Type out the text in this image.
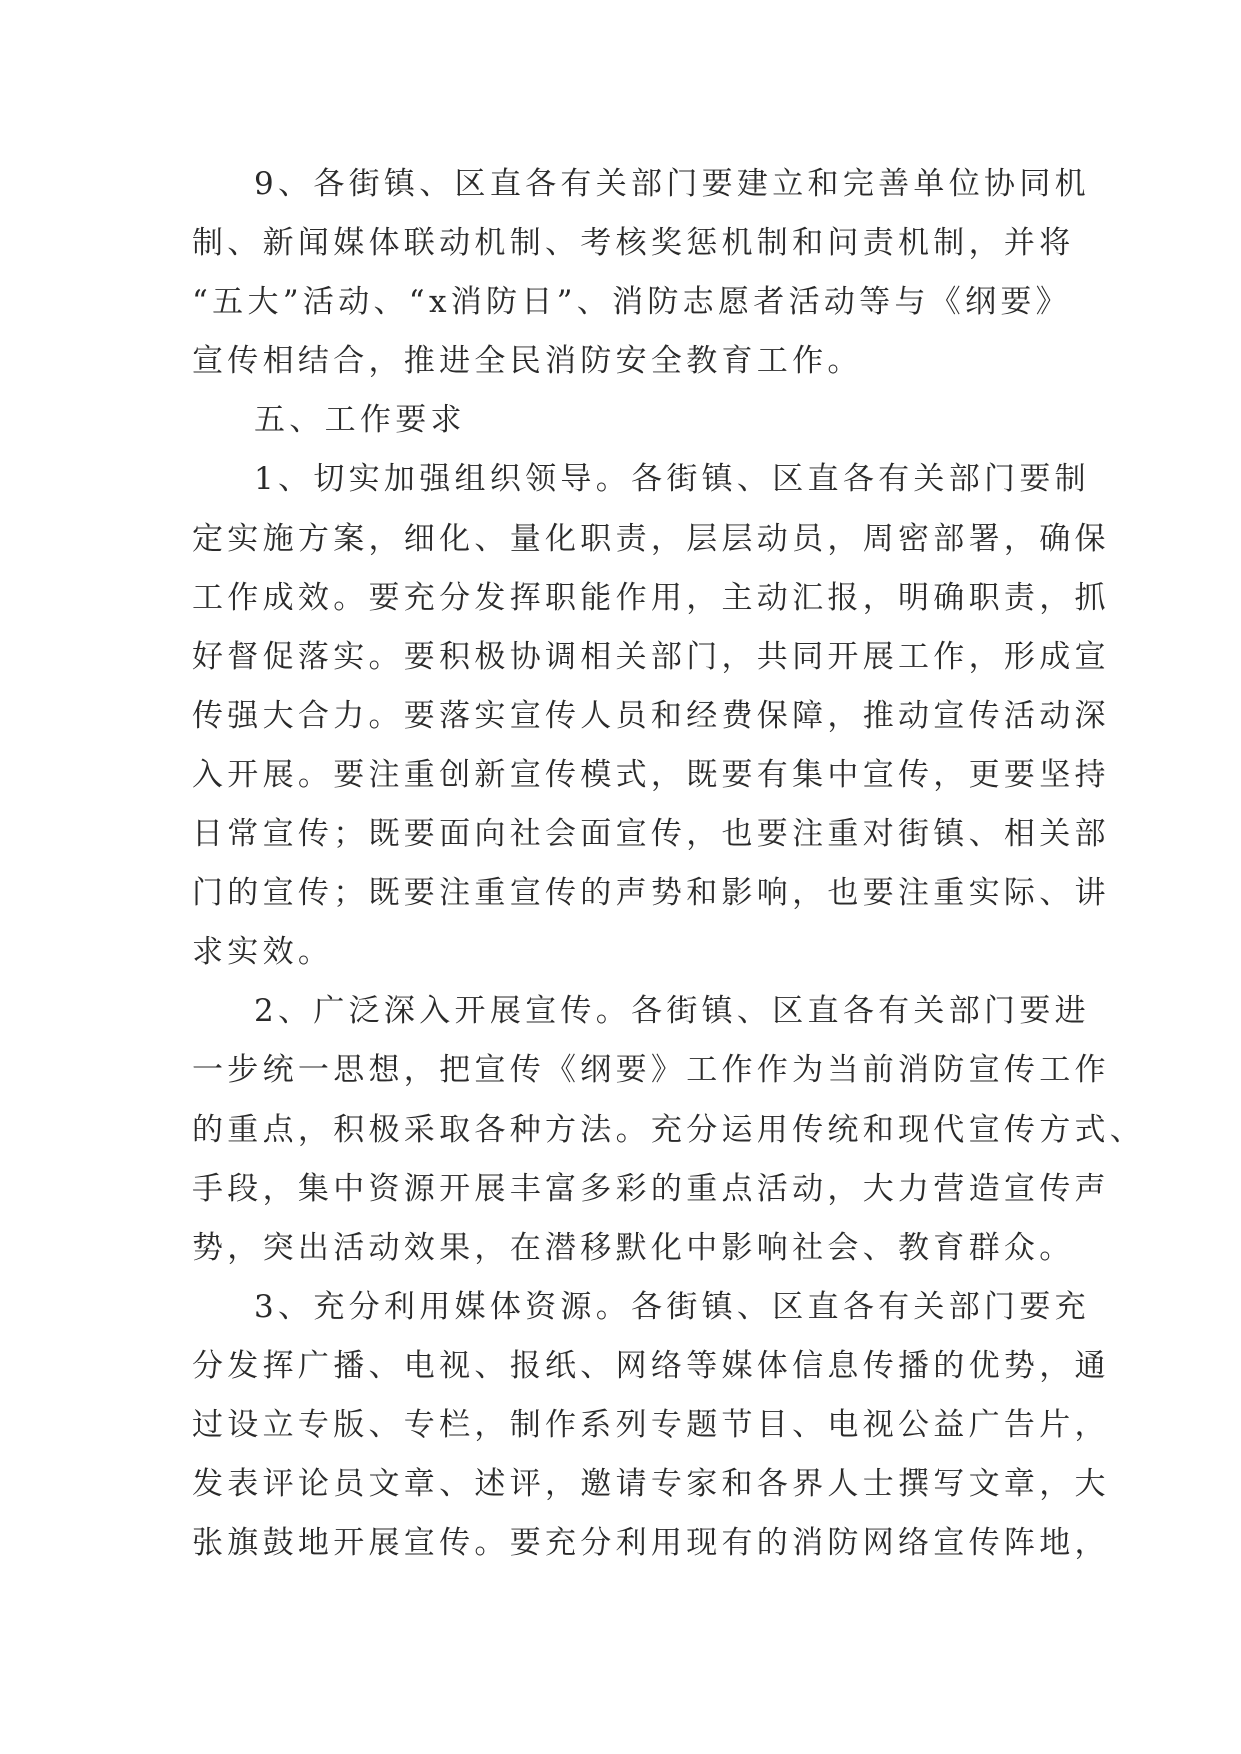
9、各街镇、区直各有关部门要建立和完善单位协同机
制、新闻媒体联动机制、考核奖惩机制和问责机制，并将
“五大”活动、“x消防日”、消防志愿者活动等与《纲要》
宣传相结合，推进全民消防安全教育工作。
五、工作要求
1、切实加强组织领导。各街镇、区直各有关部门要制
定实施方案，细化、量化职责，层层动员，周密部署，确保
工作成效。要充分发挥职能作用，主动汇报，明确职责，抓
好督促落实。要积极协调相关部门，共同开展工作，形成宣
传强大合力。要落实宣传人员和经费保障，推动宣传活动深
入开展。要注重创新宣传模式，既要有集中宣传，更要坚持
日常宣传；既要面向社会面宣传，也要注重对街镇、相关部
门的宣传；既要注重宣传的声势和影响，也要注重实际、讲
求实效。
2、广泛深入开展宣传。各街镇、区直各有关部门要进
一步统一思想，把宣传《纲要》工作作为当前消防宣传工作
的重点，积极采取各种方法。充分运用传统和现代宣传方式、
手段，集中资源开展丰富多彩的重点活动，大力营造宣传声
势，突出活动效果，在潜移默化中影响社会、教育群众。
3、充分利用媒体资源。各街镇、区直各有关部门要充
分发挥广播、电视、报纸、网络等媒体信息传播的优势，通
过设立专版、专栏，制作系列专题节目、电视公益广告片，
发表评论员文章、述评，邀请专家和各界人士撰写文章，大
张旗鼓地开展宣传。要充分利用现有的消防网络宣传阵地，
